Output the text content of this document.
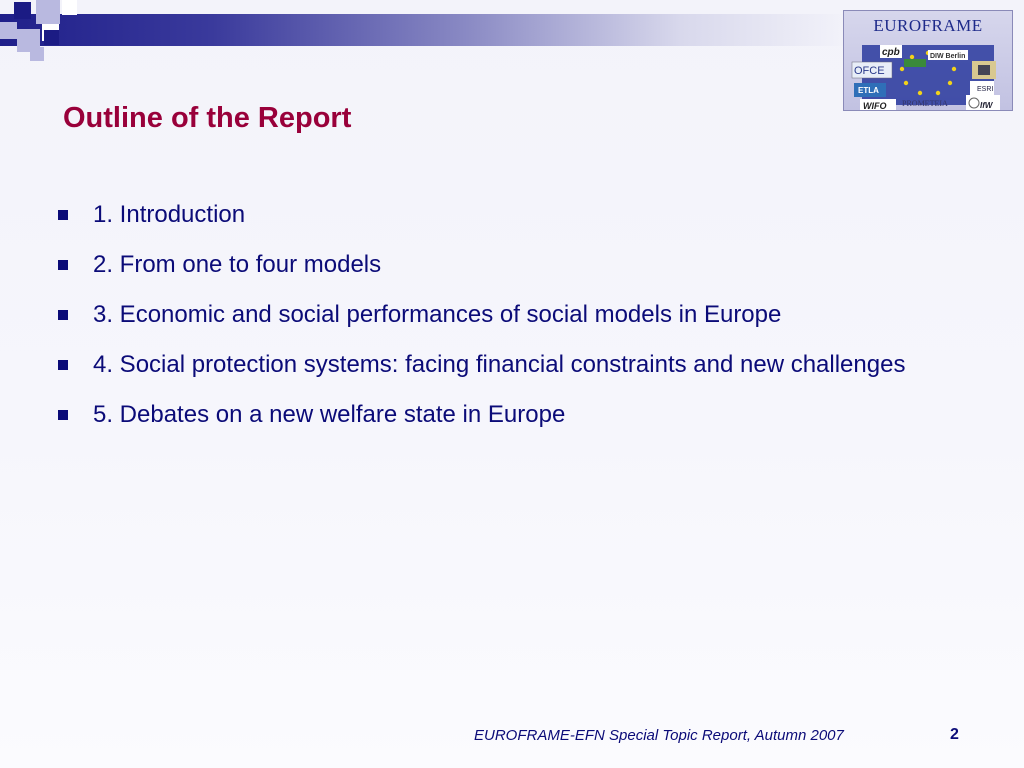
EUROFRAME
cpb	DIW Berlin
OFCE
ESRI
ETLA
WIFO	IfW
PROMETEIA
Outline of the Report
1. Introduction
2. From one to four models
3. Economic and social performances of social models in Europe
4. Social protection systems: facing financial constraints and new challenges
5. Debates on a new welfare state in Europe
EUROFRAME-EFN Special Topic Report, Autumn 2007	2
